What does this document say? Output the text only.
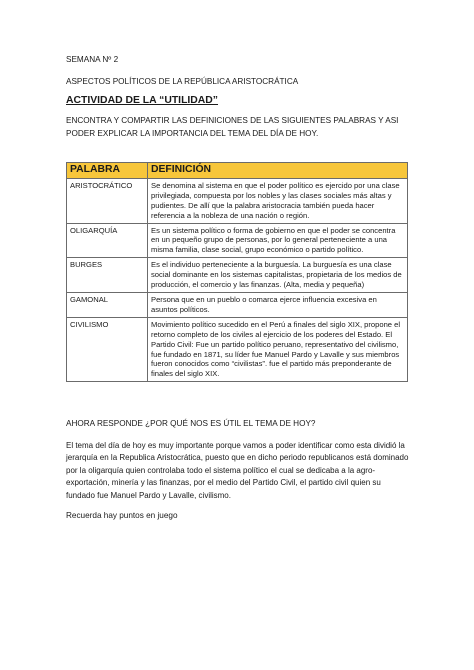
SEMANA Nº 2
ASPECTOS POLÍTICOS DE LA REPÚBLICA ARISTOCRÁTICA
ACTIVIDAD DE LA “UTILIDAD”
ENCONTRA Y COMPARTIR LAS DEFINICIONES DE LAS SIGUIENTES PALABRAS Y ASI PODER EXPLICAR LA IMPORTANCIA DEL TEMA DEL DÍA DE HOY.
PALABRA	DEFINICIÓN
ARISTOCRÁTICO	Se denomina al sistema en que el poder político es ejercido por una clase privilegiada, compuesta por los nobles y las clases sociales más altas y pudientes. De allí que la palabra aristocracia también pueda hacer referencia a la nobleza de una nación o región.
OLIGARQUÍA	Es un sistema político o forma de gobierno en que el poder se concentra en un pequeño grupo de personas, por lo general perteneciente a una misma familia, clase social, grupo económico o partido político.
BURGES	Es el individuo perteneciente a la burguesía. La burguesía es una clase social dominante en los sistemas capitalistas, propietaria de los medios de producción, el comercio y las finanzas. (Alta, media y pequeña)
GAMONAL	Persona que en un pueblo o comarca ejerce influencia excesiva en asuntos políticos.
CIVILISMO	Movimiento político sucedido en el Perú a finales del siglo XIX, propone el retorno completo de los civiles al ejercicio de los poderes del Estado. El Partido Civil: Fue un partido político peruano, representativo del civilismo, fue fundado en 1871, su líder fue Manuel Pardo y Lavalle y sus miembros fueron conocidos como “civilistas”. fue el partido más preponderante de finales del siglo XIX.
AHORA RESPONDE ¿POR QUÉ NOS ES ÚTIL EL TEMA DE HOY?
El tema del día de hoy es muy importante porque vamos a poder identificar como esta dividió la jerarquía en la Republica Aristocrática, puesto que en dicho periodo republicanos está dominado por la oligarquía quien controlaba todo el sistema político el cual se dedicaba a la agro-exportación, minería y las finanzas, por el medio del Partido Civil, el partido civil quien su fundado fue Manuel Pardo y Lavalle, civilismo.
Recuerda hay puntos en juego
